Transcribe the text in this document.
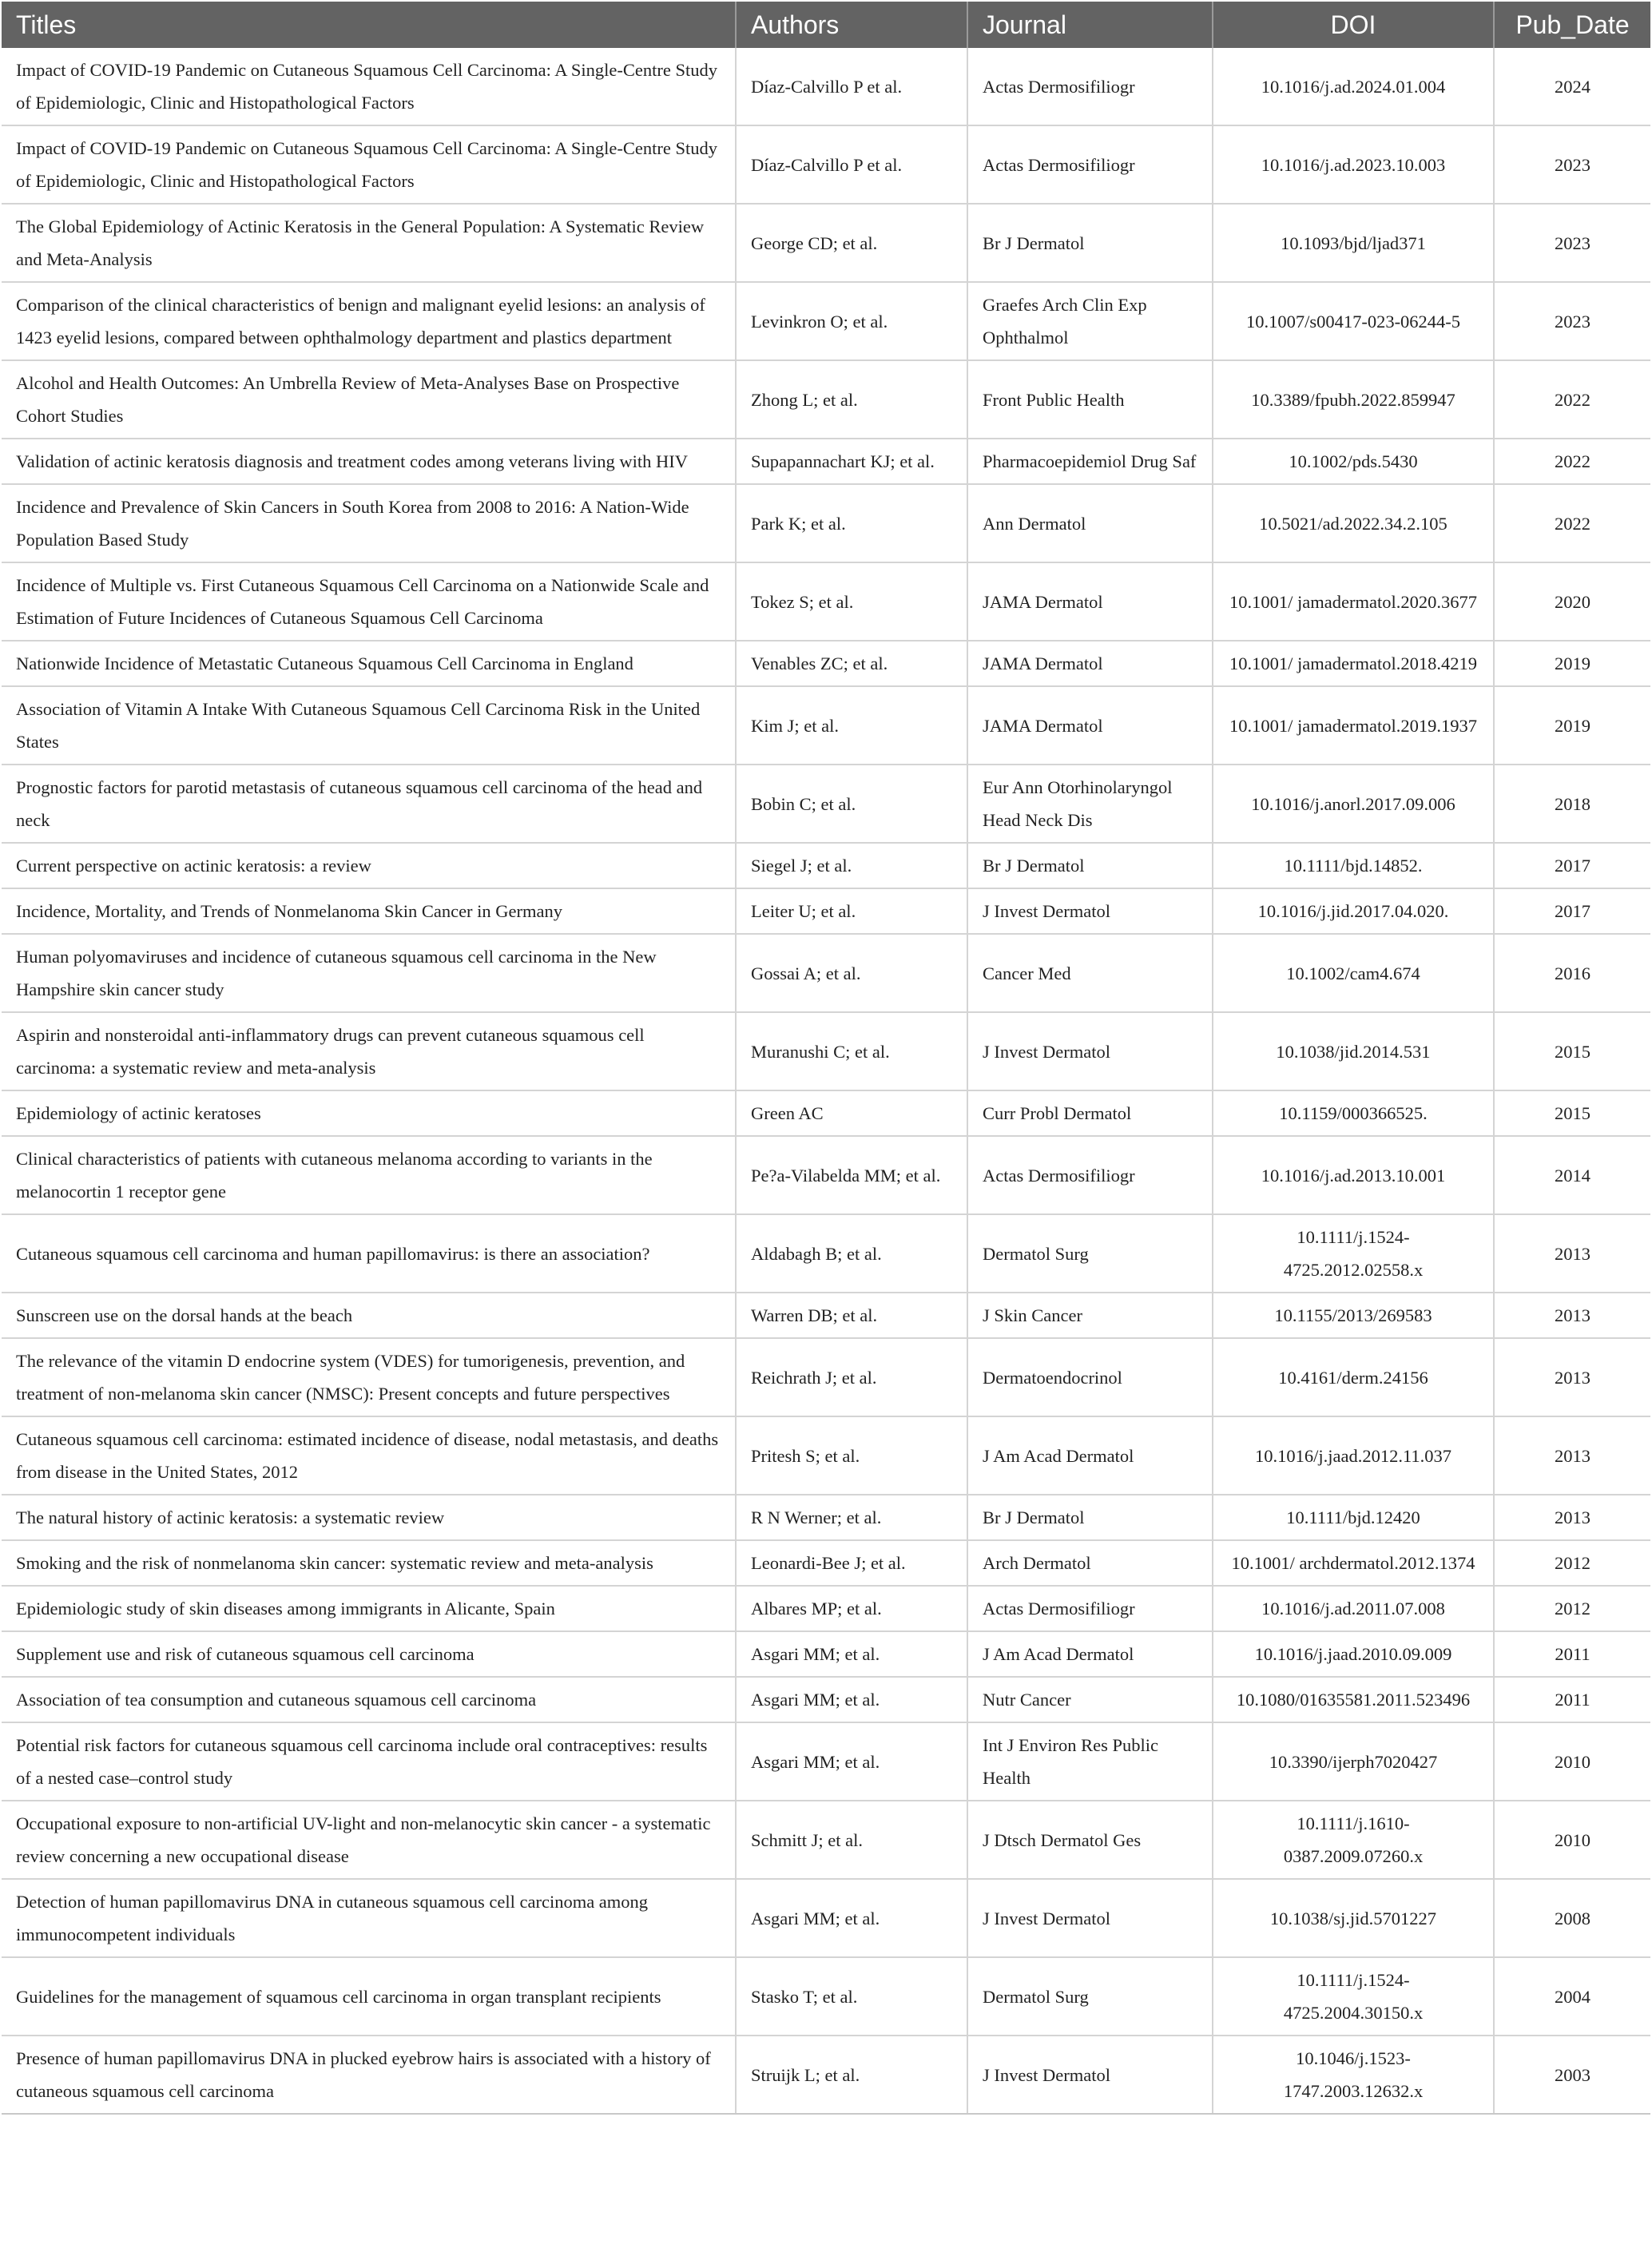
Titles	Authors	Journal	DOI	Pub_Date
Impact of COVID-19 Pandemic on Cutaneous Squamous Cell Carcinoma: A Single-Centre Study of Epidemiologic, Clinic and Histopathological Factors	Díaz-Calvillo P et al.	Actas Dermosifiliogr	10.1016/j.ad.2024.01.004	2024
Impact of COVID-19 Pandemic on Cutaneous Squamous Cell Carcinoma: A Single-Centre Study of Epidemiologic, Clinic and Histopathological Factors	Díaz-Calvillo P et al.	Actas Dermosifiliogr	10.1016/j.ad.2023.10.003	2023
The Global Epidemiology of Actinic Keratosis in the General Population: A Systematic Review and Meta-Analysis	George CD; et al.	Br J Dermatol	10.1093/bjd/ljad371	2023
Comparison of the clinical characteristics of benign and malignant eyelid lesions: an analysis of 1423 eyelid lesions, compared between ophthalmology department and plastics department	Levinkron O; et al.	Graefes Arch Clin Exp Ophthalmol	10.1007/s00417-023-06244-5	2023
Alcohol and Health Outcomes: An Umbrella Review of Meta-Analyses Base on Prospective Cohort Studies	Zhong L; et al.	Front Public Health	10.3389/fpubh.2022.859947	2022
Validation of actinic keratosis diagnosis and treatment codes among veterans living with HIV	Supapannachart KJ; et al.	Pharmacoepidemiol Drug Saf	10.1002/pds.5430	2022
Incidence and Prevalence of Skin Cancers in South Korea from 2008 to 2016: A Nation-Wide Population Based Study	Park K; et al.	Ann Dermatol	10.5021/ad.2022.34.2.105	2022
Incidence of Multiple vs. First Cutaneous Squamous Cell Carcinoma on a Nationwide Scale and Estimation of Future Incidences of Cutaneous Squamous Cell Carcinoma	Tokez S; et al.	JAMA Dermatol	10.1001/ jamadermatol.2020.3677	2020
Nationwide Incidence of Metastatic Cutaneous Squamous Cell Carcinoma in England	Venables ZC; et al.	JAMA Dermatol	10.1001/ jamadermatol.2018.4219	2019
Association of Vitamin A Intake With Cutaneous Squamous Cell Carcinoma Risk in the United States	Kim J; et al.	JAMA Dermatol	10.1001/ jamadermatol.2019.1937	2019
Prognostic factors for parotid metastasis of cutaneous squamous cell carcinoma of the head and neck	Bobin C; et al.	Eur Ann Otorhinolaryngol Head Neck Dis	10.1016/j.anorl.2017.09.006	2018
Current perspective on actinic keratosis: a review	Siegel J; et al.	Br J Dermatol	10.1111/bjd.14852.	2017
Incidence, Mortality, and Trends of Nonmelanoma Skin Cancer in Germany	Leiter U; et al.	J Invest Dermatol	10.1016/j.jid.2017.04.020.	2017
Human polyomaviruses and incidence of cutaneous squamous cell carcinoma in the New Hampshire skin cancer study	Gossai A; et al.	Cancer Med	10.1002/cam4.674	2016
Aspirin and nonsteroidal anti-inflammatory drugs can prevent cutaneous squamous cell carcinoma: a systematic review and meta-analysis	Muranushi C; et al.	J Invest Dermatol	10.1038/jid.2014.531	2015
Epidemiology of actinic keratoses	Green AC	Curr Probl Dermatol	10.1159/000366525.	2015
Clinical characteristics of patients with cutaneous melanoma according to variants in the melanocortin 1 receptor gene	Pe?a-Vilabelda MM; et al.	Actas Dermosifiliogr	10.1016/j.ad.2013.10.001	2014
Cutaneous squamous cell carcinoma and human papillomavirus: is there an association?	Aldabagh B; et al.	Dermatol Surg	10.1111/j.1524-4725.2012.02558.x	2013
Sunscreen use on the dorsal hands at the beach	Warren DB; et al.	J Skin Cancer	10.1155/2013/269583	2013
The relevance of the vitamin D endocrine system (VDES) for tumorigenesis, prevention, and treatment of non-melanoma skin cancer (NMSC): Present concepts and future perspectives	Reichrath J; et al.	Dermatoendocrinol	10.4161/derm.24156	2013
Cutaneous squamous cell carcinoma: estimated incidence of disease, nodal metastasis, and deaths from disease in the United States, 2012	Pritesh S; et al.	J Am Acad Dermatol	10.1016/j.jaad.2012.11.037	2013
The natural history of actinic keratosis: a systematic review	R N Werner; et al.	Br J Dermatol	10.1111/bjd.12420	2013
Smoking and the risk of nonmelanoma skin cancer: systematic review and meta-analysis	Leonardi-Bee J; et al.	Arch Dermatol	10.1001/ archdermatol.2012.1374	2012
Epidemiologic study of skin diseases among immigrants in Alicante, Spain	Albares MP; et al.	Actas Dermosifiliogr	10.1016/j.ad.2011.07.008	2012
Supplement use and risk of cutaneous squamous cell carcinoma	Asgari MM; et al.	J Am Acad Dermatol	10.1016/j.jaad.2010.09.009	2011
Association of tea consumption and cutaneous squamous cell carcinoma	Asgari MM; et al.	Nutr Cancer	10.1080/01635581.2011.523496	2011
Potential risk factors for cutaneous squamous cell carcinoma include oral contraceptives: results of a nested case–control study	Asgari MM; et al.	Int J Environ Res Public Health	10.3390/ijerph7020427	2010
Occupational exposure to non-artificial UV-light and non-melanocytic skin cancer - a systematic review concerning a new occupational disease	Schmitt J; et al.	J Dtsch Dermatol Ges	10.1111/j.1610-0387.2009.07260.x	2010
Detection of human papillomavirus DNA in cutaneous squamous cell carcinoma among immunocompetent individuals	Asgari MM; et al.	J Invest Dermatol	10.1038/sj.jid.5701227	2008
Guidelines for the management of squamous cell carcinoma in organ transplant recipients	Stasko T; et al.	Dermatol Surg	10.1111/j.1524-4725.2004.30150.x	2004
Presence of human papillomavirus DNA in plucked eyebrow hairs is associated with a history of cutaneous squamous cell carcinoma	Struijk L; et al.	J Invest Dermatol	10.1046/j.1523-1747.2003.12632.x	2003
